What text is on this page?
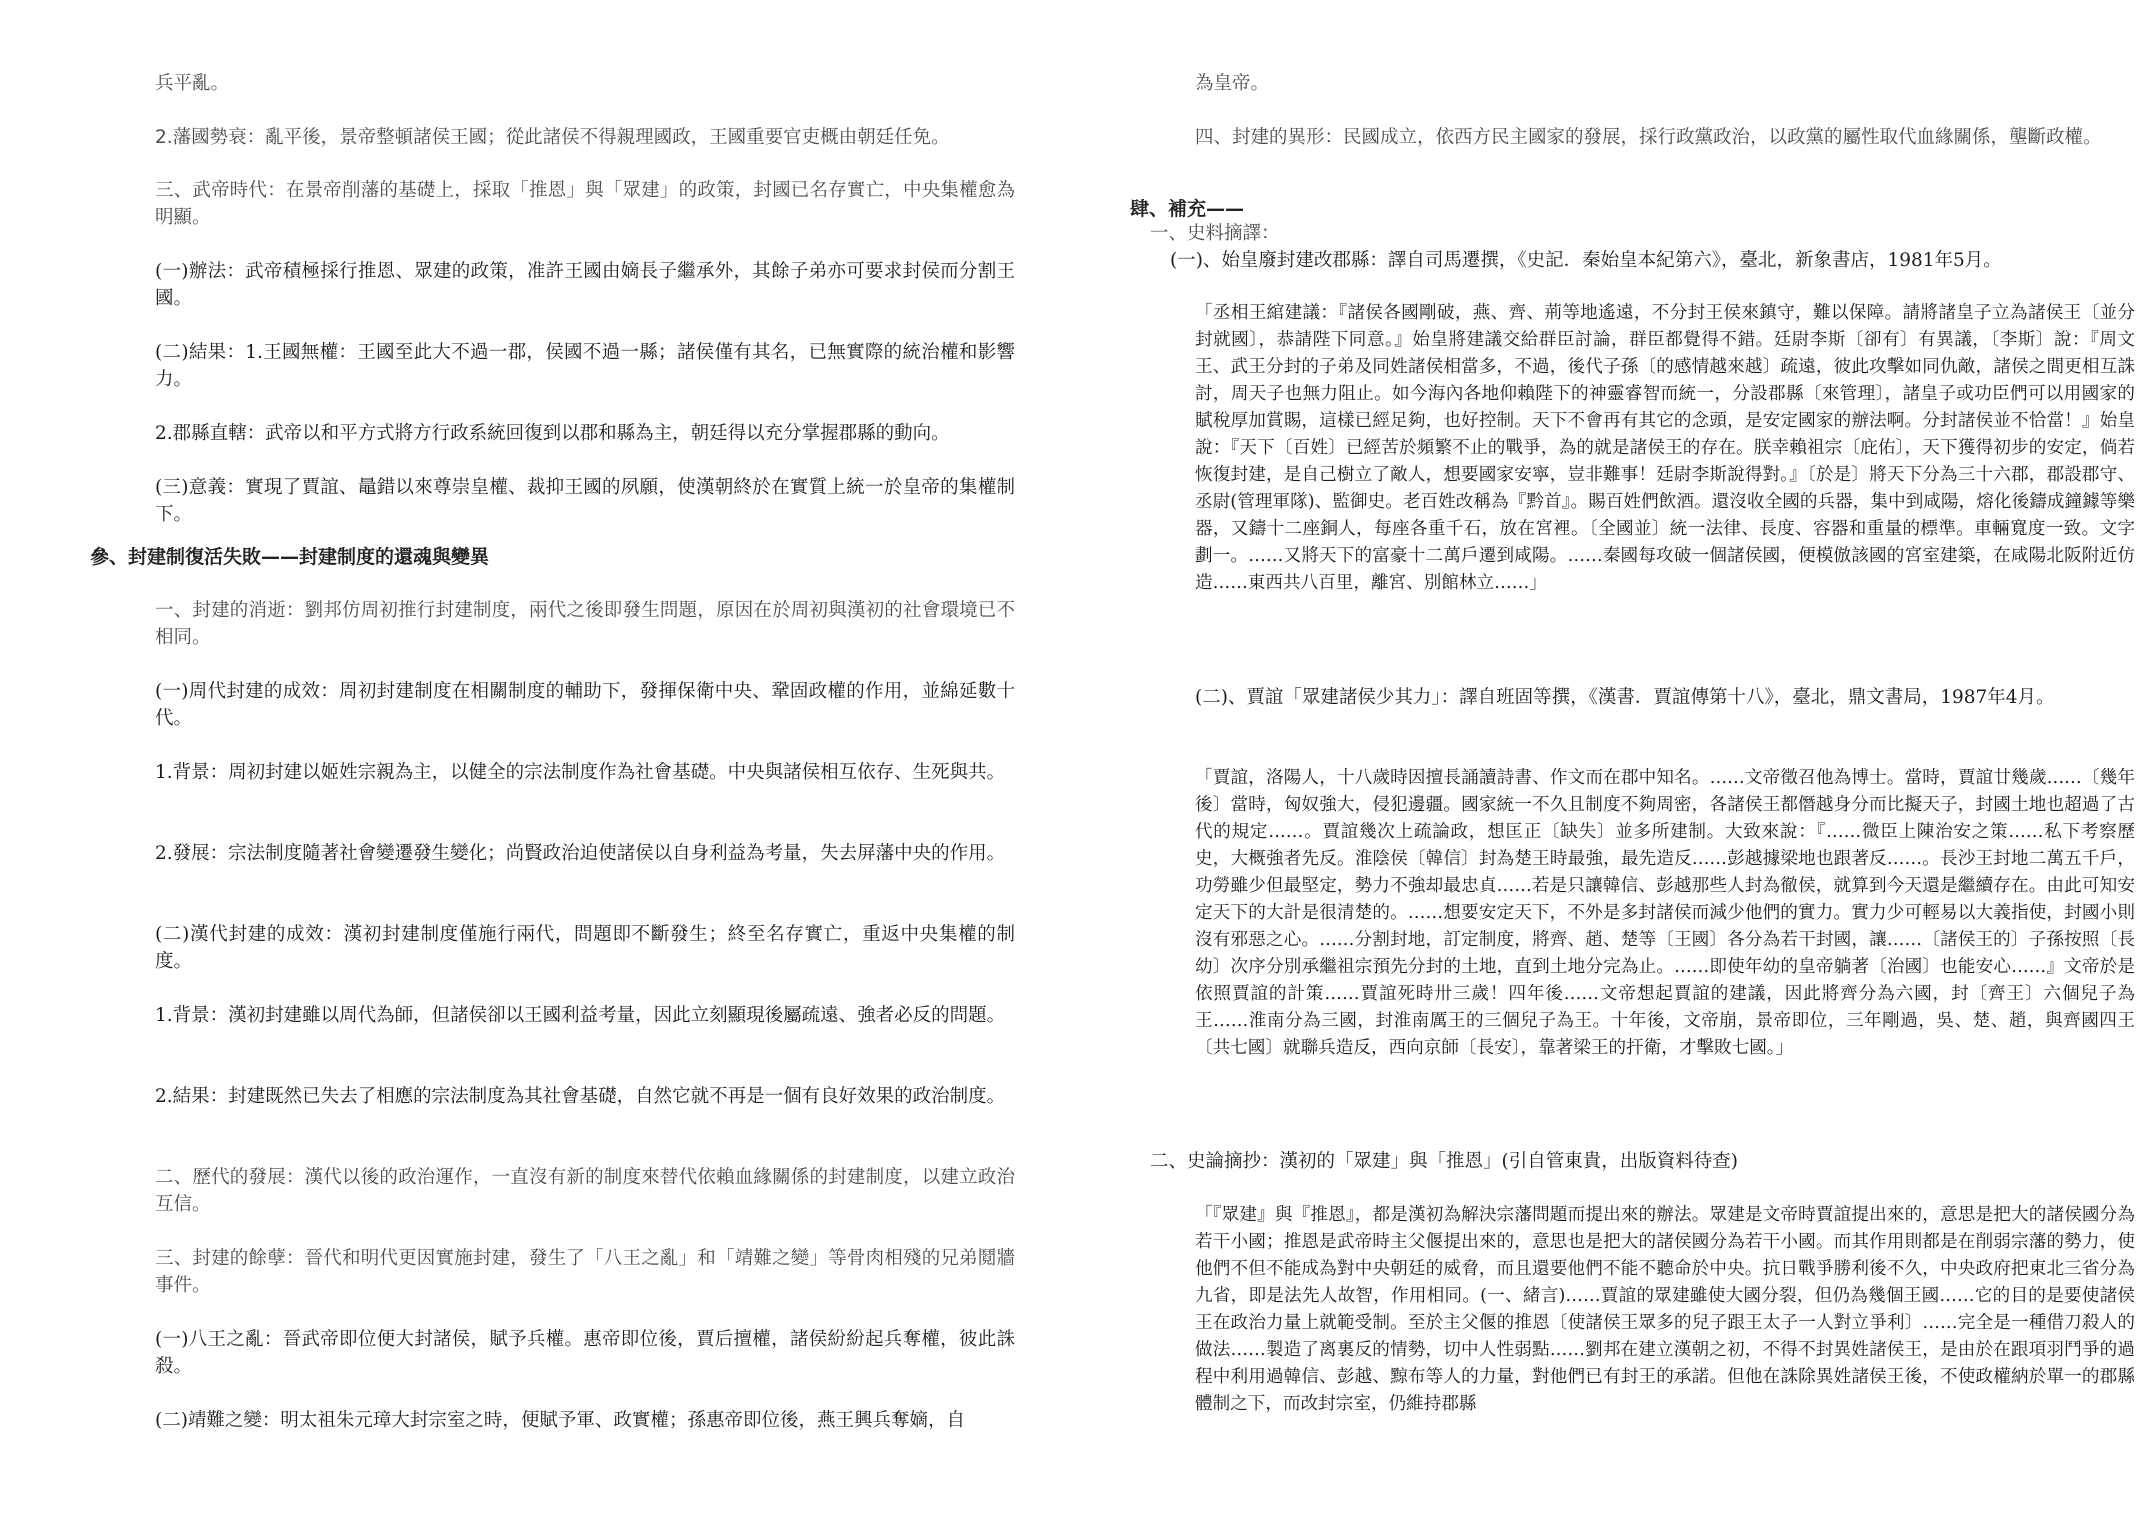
兵平亂。

2.藩國勢衰：亂平後，景帝整頓諸侯王國；從此諸侯不得親理國政，王國重要官吏概由朝廷任免。

三、武帝時代：在景帝削藩的基礎上，採取「推恩」與「眾建」的政策，封國已名存實亡，中央集權愈為明顯。

(一)辦法：武帝積極採行推恩、眾建的政策，准許王國由嫡長子繼承外，其餘子弟亦可要求封侯而分割王國。

(二)結果：1.王國無權：王國至此大不過一郡，侯國不過一縣；諸侯僅有其名，已無實際的統治權和影響力。

2.郡縣直轄：武帝以和平方式將方行政系統回復到以郡和縣為主，朝廷得以充分掌握郡縣的動向。

(三)意義：實現了賈誼、鼂錯以來尊崇皇權、裁抑王國的夙願，使漢朝終於在實質上統一於皇帝的集權制下。

參、封建制復活失敗——封建制度的還魂與變異

一、封建的消逝：劉邦仿周初推行封建制度，兩代之後即發生問題，原因在於周初與漢初的社會環境已不相同。

(一)周代封建的成效：周初封建制度在相關制度的輔助下，發揮保衛中央、鞏固政權的作用，並綿延數十代。

1.背景：周初封建以姬姓宗親為主，以健全的宗法制度作為社會基礎。中央與諸侯相互依存、生死與共。

2.發展：宗法制度隨著社會變遷發生變化；尚賢政治迫使諸侯以自身利益為考量，失去屏藩中央的作用。

(二)漢代封建的成效：漢初封建制度僅施行兩代，問題即不斷發生；終至名存實亡，重返中央集權的制度。

1.背景：漢初封建雖以周代為師，但諸侯卻以王國利益考量，因此立刻顯現後屬疏遠、強者必反的問題。

2.結果：封建既然已失去了相應的宗法制度為其社會基礎，自然它就不再是一個有良好效果的政治制度。

二、歷代的發展：漢代以後的政治運作，一直沒有新的制度來替代依賴血緣關係的封建制度，以建立政治互信。

三、封建的餘孽：晉代和明代更因實施封建，發生了「八王之亂」和「靖難之變」等骨肉相殘的兄弟鬩牆事件。

(一)八王之亂：晉武帝即位便大封諸侯，賦予兵權。惠帝即位後，賈后擅權，諸侯紛紛起兵奪權，彼此誅殺。

(二)靖難之變：明太祖朱元璋大封宗室之時，便賦予軍、政實權；孫惠帝即位後，燕王興兵奪嫡，自

為皇帝。

四、封建的異形：民國成立，依西方民主國家的發展，採行政黨政治，以政黨的屬性取代血緣關係，壟斷政權。

肆、補充——

一、史料摘譯：

(一)、始皇廢封建改郡縣：譯自司馬遷撰，《史記．秦始皇本紀第六》，臺北，新象書店，1981年5月。

「丞相王綰建議：『諸侯各國剛破，燕、齊、荊等地遙遠，不分封王侯來鎮守，難以保障。請將諸皇子立為諸侯王〔並分封就國〕，恭請陛下同意。』始皇將建議交給群臣討論，群臣都覺得不錯。廷尉李斯〔卻有〕有異議，〔李斯〕說：『周文王、武王分封的子弟及同姓諸侯相當多，不過，後代子孫〔的感情越來越〕疏遠，彼此攻擊如同仇敵，諸侯之間更相互誅討，周天子也無力阻止。如今海內各地仰賴陛下的神靈睿智而統一，分設郡縣〔來管理〕，諸皇子或功臣們可以用國家的賦稅厚加賞賜，這樣已經足夠，也好控制。天下不會再有其它的念頭，是安定國家的辦法啊。分封諸侯並不恰當！』始皇說：『天下〔百姓〕已經苦於頻繁不止的戰爭，為的就是諸侯王的存在。朕幸賴祖宗〔庇佑〕，天下獲得初步的安定，倘若恢復封建，是自己樹立了敵人，想要國家安寧，豈非難事！廷尉李斯說得對。』〔於是〕將天下分為三十六郡，郡設郡守、丞尉(管理軍隊)、監御史。老百姓改稱為『黔首』。賜百姓們飲酒。還沒收全國的兵器，集中到咸陽，熔化後鑄成鐘鐻等樂器，又鑄十二座銅人，每座各重千石，放在宮裡。〔全國並〕統一法律、長度、容器和重量的標準。車輛寬度一致。文字劃一。……又將天下的富豪十二萬戶遷到咸陽。……秦國每攻破一個諸侯國，便模倣該國的宮室建築，在咸陽北阪附近仿造……東西共八百里，離宮、別館林立……」

(二)、賈誼「眾建諸侯少其力」：譯自班固等撰，《漢書．賈誼傳第十八》，臺北，鼎文書局，1987年4月。

「賈誼，洛陽人，十八歲時因擅長誦讀詩書、作文而在郡中知名。……文帝徵召他為博士。當時，賈誼廿幾歲……〔幾年後〕當時，匈奴強大，侵犯邊疆。國家統一不久且制度不夠周密，各諸侯王都僭越身分而比擬天子，封國土地也超過了古代的規定……。賈誼幾次上疏論政，想匡正〔缺失〕並多所建制。大致來說：『……微臣上陳治安之策……私下考察歷史，大概強者先反。淮陰侯〔韓信〕封為楚王時最強，最先造反……彭越據梁地也跟著反……。長沙王封地二萬五千戶，功勞雖少但最堅定，勢力不強却最忠貞……若是只讓韓信、彭越那些人封為徹侯，就算到今天還是繼續存在。由此可知安定天下的大計是很清楚的。……想要安定天下，不外是多封諸侯而減少他們的實力。實力少可輕易以大義指使，封國小則沒有邪惡之心。……分割封地，訂定制度，將齊、趙、楚等〔王國〕各分為若干封國，讓……〔諸侯王的〕子孫按照〔長幼〕次序分別承繼祖宗預先分封的土地，直到土地分完為止。……即使年幼的皇帝躺著〔治國〕也能安心……』文帝於是依照賈誼的計策……賈誼死時卅三歲！四年後……文帝想起賈誼的建議，因此將齊分為六國，封〔齊王〕六個兒子為王……淮南分為三國，封淮南厲王的三個兒子為王。十年後，文帝崩，景帝即位，三年剛過，吳、楚、趙，與齊國四王〔共七國〕就聯兵造反，西向京師〔長安〕，靠著梁王的扞衛，才擊敗七國。」

二、史論摘抄：漢初的「眾建」與「推恩」(引自管東貴，出版資料待查)

「『眾建』與『推恩』，都是漢初為解決宗藩問題而提出來的辦法。眾建是文帝時賈誼提出來的，意思是把大的諸侯國分為若干小國；推恩是武帝時主父偃提出來的，意思也是把大的諸侯國分為若干小國。而其作用則都是在削弱宗藩的勢力，使他們不但不能成為對中央朝廷的威脅，而且還要他們不能不聽命於中央。抗日戰爭勝利後不久，中央政府把東北三省分為九省，即是法先人故智，作用相同。(一、緒言)……賈誼的眾建雖使大國分裂，但仍為幾個王國……它的目的是要使諸侯王在政治力量上就範受制。至於主父偃的推恩〔使諸侯王眾多的兒子跟王太子一人對立爭利〕……完全是一種借刀殺人的做法……製造了离裏反的情勢，切中人性弱點……劉邦在建立漢朝之初，不得不封異姓諸侯王，是由於在跟項羽鬥爭的過程中利用過韓信、彭越、黥布等人的力量，對他們已有封王的承諾。但他在誅除異姓諸侯王後，不使政權納於單一的郡縣體制之下，而改封宗室，仍維持郡縣
